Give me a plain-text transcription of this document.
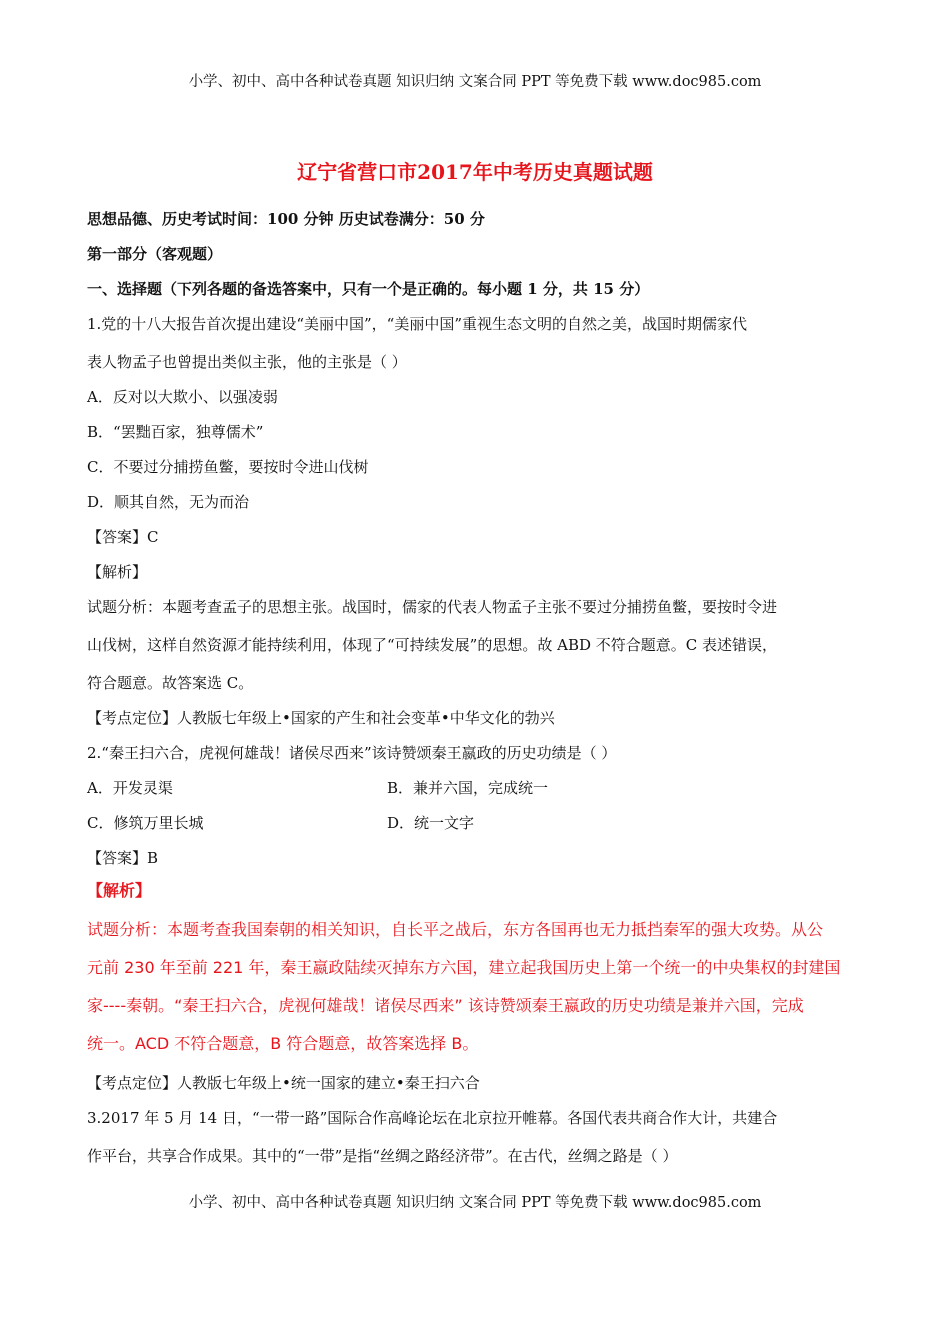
小学、初中、高中各种试卷真题 知识归纳 文案合同 PPT 等免费下载 www.doc985.com
辽宁省营口市2017年中考历史真题试题
思想品德、历史考试时间：100 分钟 历史试卷满分：50 分
第一部分（客观题）
一、选择题（下列各题的备选答案中，只有一个是正确的。每小题 1 分，共 15 分）
1.党的十八大报告首次提出建设“美丽中国”，“美丽中国”重视生态文明的自然之美，战国时期儒家代
表人物孟子也曾提出类似主张，他的主张是（ ）
A．反对以大欺小、以强凌弱
B．“罢黜百家，独尊儒术”
C．不要过分捕捞鱼鳖，要按时令进山伐树
D．顺其自然，无为而治
【答案】C
【解析】
试题分析：本题考查孟子的思想主张。战国时，儒家的代表人物孟子主张不要过分捕捞鱼鳖，要按时令进
山伐树，这样自然资源才能持续利用，体现了“可持续发展”的思想。故 ABD 不符合题意。C 表述错误，
符合题意。故答案选 C。
【考点定位】人教版七年级上•国家的产生和社会变革•中华文化的勃兴
2.“秦王扫六合，虎视何雄哉！诸侯尽西来”该诗赞颂秦王嬴政的历史功绩是（ ）
A．开发灵渠	B．兼并六国，完成统一
C．修筑万里长城	D．统一文字
【答案】B
【解析】
试题分析：本题考查我国秦朝的相关知识，自长平之战后，东方各国再也无力抵挡秦军的强大攻势。从公
元前 230 年至前 221 年，秦王嬴政陆续灭掉东方六国，建立起我国历史上第一个统一的中央集权的封建国
家----秦朝。“秦王扫六合，虎视何雄哉！诸侯尽西来” 该诗赞颂秦王嬴政的历史功绩是兼并六国，完成
统一。ACD 不符合题意，B 符合题意，故答案选择 B。
【考点定位】人教版七年级上•统一国家的建立•秦王扫六合
3.2017 年 5 月 14 日，“一带一路”国际合作高峰论坛在北京拉开帷幕。各国代表共商合作大计，共建合
作平台，共享合作成果。其中的“一带”是指“丝绸之路经济带”。在古代，丝绸之路是（ ）
小学、初中、高中各种试卷真题 知识归纳 文案合同 PPT 等免费下载 www.doc985.com
